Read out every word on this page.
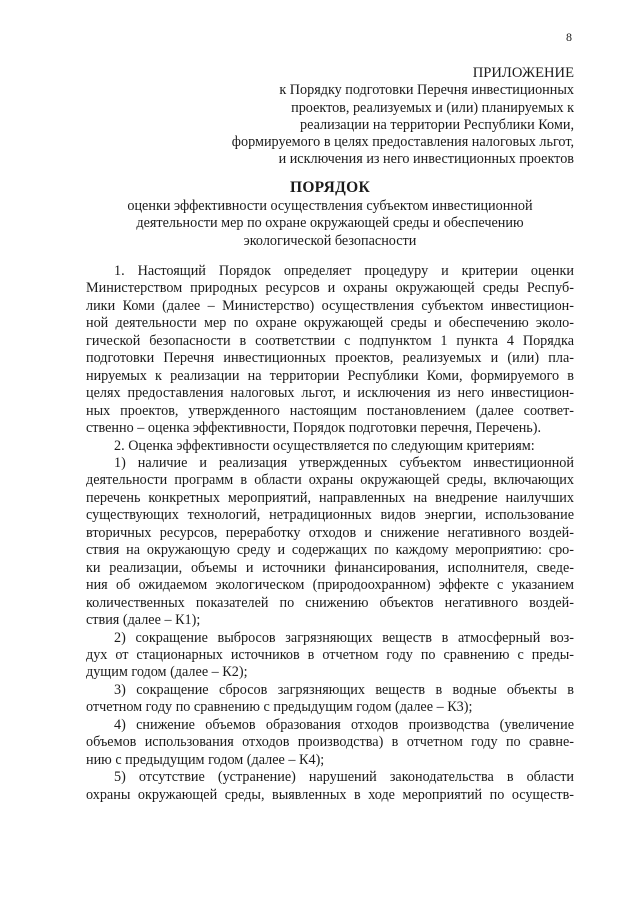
8
ПРИЛОЖЕНИЕ
к Порядку подготовки Перечня инвестиционных
проектов, реализуемых и (или) планируемых к
реализации на территории Республики Коми,
формируемого в целях предоставления налоговых льгот,
и исключения из него инвестиционных проектов
ПОРЯДОК
оценки эффективности осуществления субъектом инвестиционной
деятельности мер по охране окружающей среды и обеспечению
экологической безопасности
1. Настоящий Порядок определяет процедуру и критерии оценки
Министерством природных ресурсов и охраны окружающей среды Респуб-
лики Коми (далее – Министерство) осуществления субъектом инвестицион-
ной деятельности мер по охране окружающей среды и обеспечению эколо-
гической безопасности в соответствии с подпунктом 1 пункта 4 Порядка
подготовки Перечня инвестиционных проектов, реализуемых и (или) пла-
нируемых к реализации на территории Республики Коми, формируемого в
целях предоставления налоговых льгот, и исключения из него инвестицион-
ных проектов, утвержденного настоящим постановлением (далее соответ-
ственно – оценка эффективности, Порядок подготовки перечня, Перечень).
2. Оценка эффективности осуществляется по следующим критериям:
1) наличие и реализация утвержденных субъектом инвестиционной
деятельности программ в области охраны окружающей среды, включающих
перечень конкретных мероприятий, направленных на внедрение наилучших
существующих технологий, нетрадиционных видов энергии, использование
вторичных ресурсов, переработку отходов и снижение негативного воздей-
ствия на окружающую среду и содержащих по каждому мероприятию: сро-
ки реализации, объемы и источники финансирования, исполнителя, сведе-
ния об ожидаемом экологическом (природоохранном) эффекте с указанием
количественных показателей по снижению объектов негативного воздей-
ствия (далее – К1);
2) сокращение выбросов загрязняющих веществ в атмосферный воз-
дух от стационарных источников в отчетном году по сравнению с преды-
дущим годом (далее – К2);
3) сокращение сбросов загрязняющих веществ в водные объекты в
отчетном году по сравнению с предыдущим годом (далее – К3);
4) снижение объемов образования отходов производства (увеличение
объемов использования отходов производства) в отчетном году по сравне-
нию с предыдущим годом (далее – К4);
5) отсутствие (устранение) нарушений законодательства в области
охраны окружающей среды, выявленных в ходе мероприятий по осуществ-
